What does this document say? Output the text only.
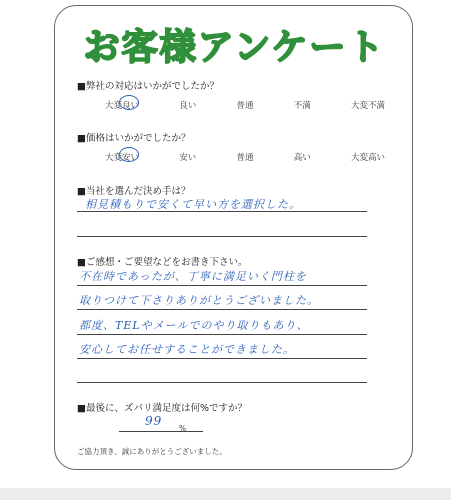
お客様アンケート
■弊社の対応はいかがでしたか？
大変良い	良い	普通	不満	大変不満
■価格はいかがでしたか？
大変安い	安い	普通	高い	大変高い
■当社を選んだ決め手は？
相見積もりで安くて早い方を選択した。
■ご感想・ご要望などをお書き下さい。
不在時であったが、丁寧に満足いく門柱を
取りつけて下さりありがとうございました。
都度、TELやメールでのやり取りもあり、
安心してお任せすることができました。
■最後に、ズバリ満足度は何%ですか？
99
%
ご協力頂き、誠にありがとうございました。
